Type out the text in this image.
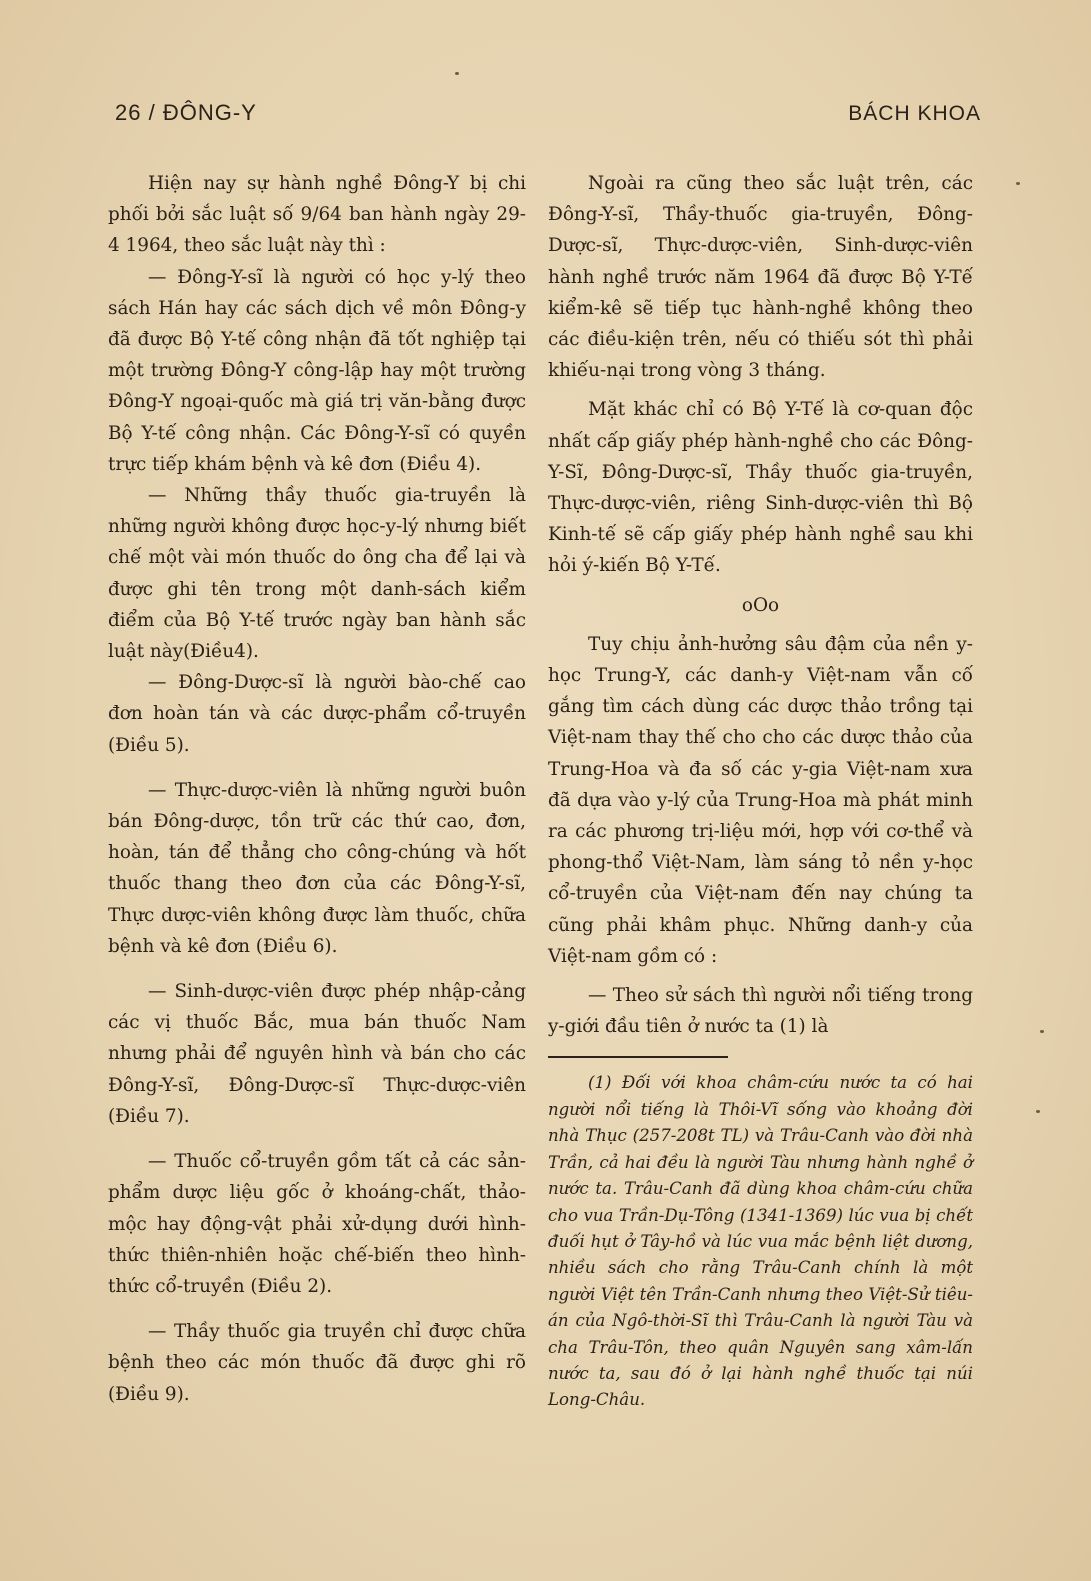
26 / ĐÔNG-Y	BÁCH KHOA

Hiện nay sự hành nghề Đông-Y bị chi phối bởi sắc luật số 9/64 ban hành ngày 29-4 1964, theo sắc luật này thì :

— Đông-Y-sĩ là người có học y-lý theo sách Hán hay các sách dịch về môn Đông-y đã được Bộ Y-tế công nhận đã tốt nghiệp tại một trường Đông-Y công-lập hay một trường Đông-Y ngoại-quốc mà giá trị văn-bằng được Bộ Y-tế công nhận. Các Đông-Y-sĩ có quyền trực tiếp khám bệnh và kê đơn (Điều 4).

— Những thầy thuốc gia-truyền là những người không được học-y-lý nhưng biết chế một vài món thuốc do ông cha để lại và được ghi tên trong một danh-sách kiểm điểm của Bộ Y-tế trước ngày ban hành sắc luật này(Điều4).

— Đông-Dược-sĩ là người bào-chế cao đơn hoàn tán và các dược-phẩm cổ-truyền (Điều 5).

— Thực-dược-viên là những người buôn bán Đông-dược, tồn trữ các thứ cao, đơn, hoàn, tán để thẳng cho công-chúng và hốt thuốc thang theo đơn của các Đông-Y-sĩ, Thực dược-viên không được làm thuốc, chữa bệnh và kê đơn (Điều 6).

— Sinh-dược-viên được phép nhập-cảng các vị thuốc Bắc, mua bán thuốc Nam nhưng phải để nguyên hình và bán cho các Đông-Y-sĩ, Đông-Dược-sĩ Thực-dược-viên (Điều 7).

— Thuốc cổ-truyền gồm tất cả các sản-phẩm dược liệu gốc ở khoáng-chất, thảo-mộc hay động-vật phải xử-dụng dưới hình-thức thiên-nhiên hoặc chế-biến theo hình-thức cổ-truyền (Điều 2).

— Thầy thuốc gia truyền chỉ được chữa bệnh theo các món thuốc đã được ghi rõ (Điều 9).

Ngoài ra cũng theo sắc luật trên, các Đông-Y-sĩ, Thầy-thuốc gia-truyền, Đông-Dược-sĩ, Thực-dược-viên, Sinh-dược-viên hành nghề trước năm 1964 đã được Bộ Y-Tế kiểm-kê sẽ tiếp tục hành-nghề không theo các điều-kiện trên, nếu có thiếu sót thì phải khiếu-nại trong vòng 3 tháng.

Mặt khác chỉ có Bộ Y-Tế là cơ-quan độc nhất cấp giấy phép hành-nghề cho các Đông-Y-Sĩ, Đông-Dược-sĩ, Thầy thuốc gia-truyền, Thực-dược-viên, riêng Sinh-dược-viên thì Bộ Kinh-tế sẽ cấp giấy phép hành nghề sau khi hỏi ý-kiến Bộ Y-Tế.

oOo

Tuy chịu ảnh-hưởng sâu đậm của nền y-học Trung-Y, các danh-y Việt-nam vẫn cố gắng tìm cách dùng các dược thảo trồng tại Việt-nam thay thế cho cho các dược thảo của Trung-Hoa và đa số các y-gia Việt-nam xưa đã dựa vào y-lý của Trung-Hoa mà phát minh ra các phương trị-liệu mới, hợp với cơ-thể và phong-thổ Việt-Nam, làm sáng tỏ nền y-học cổ-truyền của Việt-nam đến nay chúng ta cũng phải khâm phục. Những danh-y của Việt-nam gồm có :

— Theo sử sách thì người nổi tiếng trong y-giới đầu tiên ở nước ta (1) là

(1) Đối với khoa châm-cứu nước ta có hai người nổi tiếng là Thôi-Vĩ sống vào khoảng đời nhà Thục (257-208t TL) và Trâu-Canh vào đời nhà Trần, cả hai đều là người Tàu nhưng hành nghề ở nước ta. Trâu-Canh đã dùng khoa châm-cứu chữa cho vua Trần-Dụ-Tông (1341-1369) lúc vua bị chết đuối hụt ở Tây-hồ và lúc vua mắc bệnh liệt dương, nhiều sách cho rằng Trâu-Canh chính là một người Việt tên Trần-Canh nhưng theo Việt-Sử tiêu-án của Ngô-thời-Sĩ thì Trâu-Canh là người Tàu và cha Trâu-Tôn, theo quân Nguyên sang xâm-lấn nước ta, sau đó ở lại hành nghề thuốc tại núi Long-Châu.
